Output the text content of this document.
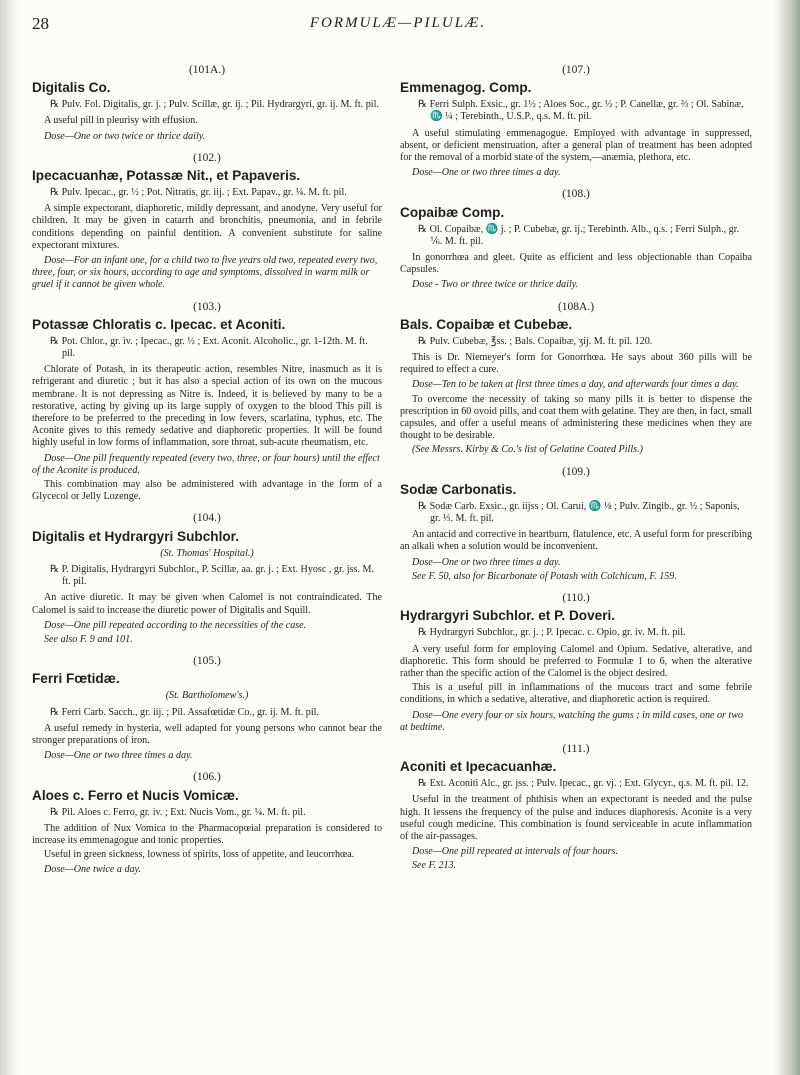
28	FORMULÆ—PILULÆ.
(101A.)
Digitalis Co.
℞ Pulv. Fol. Digitalis, gr. j. ; Pulv. Scillæ, gr. ij. ; Pil. Hydrargyri, gr. ij. M. ft. pil.
A useful pill in pleurisy with effusion.
Dose—One or two twice or thrice daily.
(102.)
Ipecacuanhæ, Potassæ Nit., et Papaveris.
℞ Pulv. Ipecac., gr. ½ ; Pot. Nitratis, gr. iij. ; Ext. Papav., gr. ¼. M. ft. pil.
A simple expectorant, diaphoretic, mildly depressant, and anodyne. Very useful for children. It may be given in catarrh and bronchitis, pneumonia, and in febrile conditions depending on painful dentition. A convenient substitute for saline expectorant mixtures.
Dose—For an infant one, for a child two to five years old two, repeated every two, three, four, or six hours, according to age and symptoms, dissolved in warm milk or gruel if it cannot be given whole.
(103.)
Potassæ Chloratis c. Ipecac. et Aconiti.
℞ Pot. Chlor., gr. iv. ; Ipecac., gr. ½ ; Ext. Aconit. Alcoholic., gr. 1-12th. M. ft. pil.
Chlorate of Potash, in its therapeutic action, resembles Nitre, inasmuch as it is refrigerant and diuretic ; but it has also a special action of its own on the mucous membrane. It is not depressing as Nitre is. Indeed, it is believed by many to be a restorative, acting by giving up its large supply of oxygen to the blood This pill is therefore to be preferred to the preceding in low fevers, scarlatina, typhus, etc. The Aconite gives to this remedy sedative and diaphoretic properties. It will be found highly useful in low forms of inflammation, sore throat, sub-acute rheumatism, etc.
Dose—One pill frequently repeated (every two, three, or four hours) until the effect of the Aconite is produced.
This combination may also be administered with advantage in the form of a Glycecol or Jelly Lozenge.
(104.)
Digitalis et Hydrargyri Subchlor.
(St. Thomas' Hospital.)
℞ P. Digitalis, Hydrargyri Subchlor., P. Scillæ, aa. gr. j. ; Ext. Hyosc , gr. jss. M. ft. pil.
An active diuretic. It may be given when Calomel is not contraindicated. The Calomel is said to increase the diuretic power of Digitalis and Squill.
Dose—One pill repeated according to the necessities of the case.
See also F. 9 and 101.
(105.)
Ferri Fœtidæ.
(St. Bartholomew's.)
℞ Ferri Carb. Sacch., gr. iij. ; Pil. Assafœtidæ Co., gr. ij. M. ft. pil.
A useful remedy in hysteria, well adapted for young persons who cannot bear the stronger preparations of iron.
Dose—One or two three times a day.
(106.)
Aloes c. Ferro et Nucis Vomicæ.
℞ Pil. Aloes c. Ferro, gr. iv. ; Ext. Nucis Vom., gr. ¼. M. ft. pil.
The addition of Nux Vomica to the Pharmacopœial preparation is considered to increase its emmenagogue and tonic properties.
Useful in green sickness, lowness of spirits, loss of appetite, and leucorrhœa.
Dose—One twice a day.
(107.)
Emmenagog. Comp.
℞ Ferri Sulph. Exsic., gr. 1½ ; Aloes Soc., gr. ½ ; P. Canellæ, gr. ⅔ ; Ol. Sabinæ, ♏ ¼ ; Terebinth., U.S.P., q.s. M. ft. pil.
A useful stimulating emmenagogue. Employed with advantage in suppressed, absent, or deficient menstruation, after a general plan of treatment has been adopted for the removal of a morbid state of the system,—anæmia, plethora, etc.
Dose—One or two three times a day.
(108.)
Copaibæ Comp.
℞ Ol. Copaibæ, ♏ j. ; P. Cubebæ, gr. ij.; Terebinth. Alb., q.s. ; Ferri Sulph., gr. ⅙. M. ft. pil.
In gonorrhœa and gleet. Quite as efficient and less objectionable than Copaiba Capsules.
Dose - Two or three twice or thrice daily.
(108A.)
Bals. Copaibæ et Cubebæ.
℞ Pulv. Cubebæ, ℥ss. ; Bals. Copaibæ, ʒij. M. ft. pil. 120.
This is Dr. Niemeyer's form for Gonorrhœa. He says about 360 pills will be required to effect a cure.
Dose—Ten to be taken at first three times a day, and afterwards four times a day.
To overcome the necessity of taking so many pills it is better to dispense the prescription in 60 ovoid pills, and coat them with gelatine. They are then, in fact, small capsules, and offer a useful means of administering these medicines when they are thought to be desirable.
(See Messrs. Kirby & Co.'s list of Gelatine Coated Pills.)
(109.)
Sodæ Carbonatis.
℞ Sodæ Carb. Exsic., gr. iijss ; Ol. Carui, ♏ ⅛ ; Pulv. Zingib., gr. ½ ; Saponis, gr. ⅓. M. ft. pil.
An antacid and corrective in heartburn, flatulence, etc. A useful form for prescribing an alkali when a solution would be inconvenient.
Dose—One or two three times a day.
See F. 50, also for Bicarbonate of Potash with Colchicum, F. 159.
(110.)
Hydrargyri Subchlor. et P. Doveri.
℞ Hydrargyri Subchlor., gr. j. ; P. Ipecac. c. Opio, gr. iv. M. ft. pil.
A very useful form for employing Calomel and Opium. Sedative, alterative, and diaphoretic. This form should be preferred to Formulæ 1 to 6, when the alterative rather than the specific action of the Calomel is the object desired.
This is a useful pill in inflammations of the mucous tract and some febrile conditions, in which a sedative, alterative, and diaphoretic action is required.
Dose—One every four or six hours, watching the gums ; in mild cases, one or two at bedtime.
(111.)
Aconiti et Ipecacuanhæ.
℞ Ext. Aconiti Alc., gr. jss. ; Pulv. Ipecac., gr. vj. ; Ext. Glycyr., q.s. M. ft. pil. 12.
Useful in the treatment of phthisis when an expectorant is needed and the pulse high. It lessens the frequency of the pulse and induces diaphoresis. Aconite is a very useful cough medicine. This combination is found serviceable in acute inflammation of the air-passages.
Dose—One pill repeated at intervals of four hours.
See F. 213.
